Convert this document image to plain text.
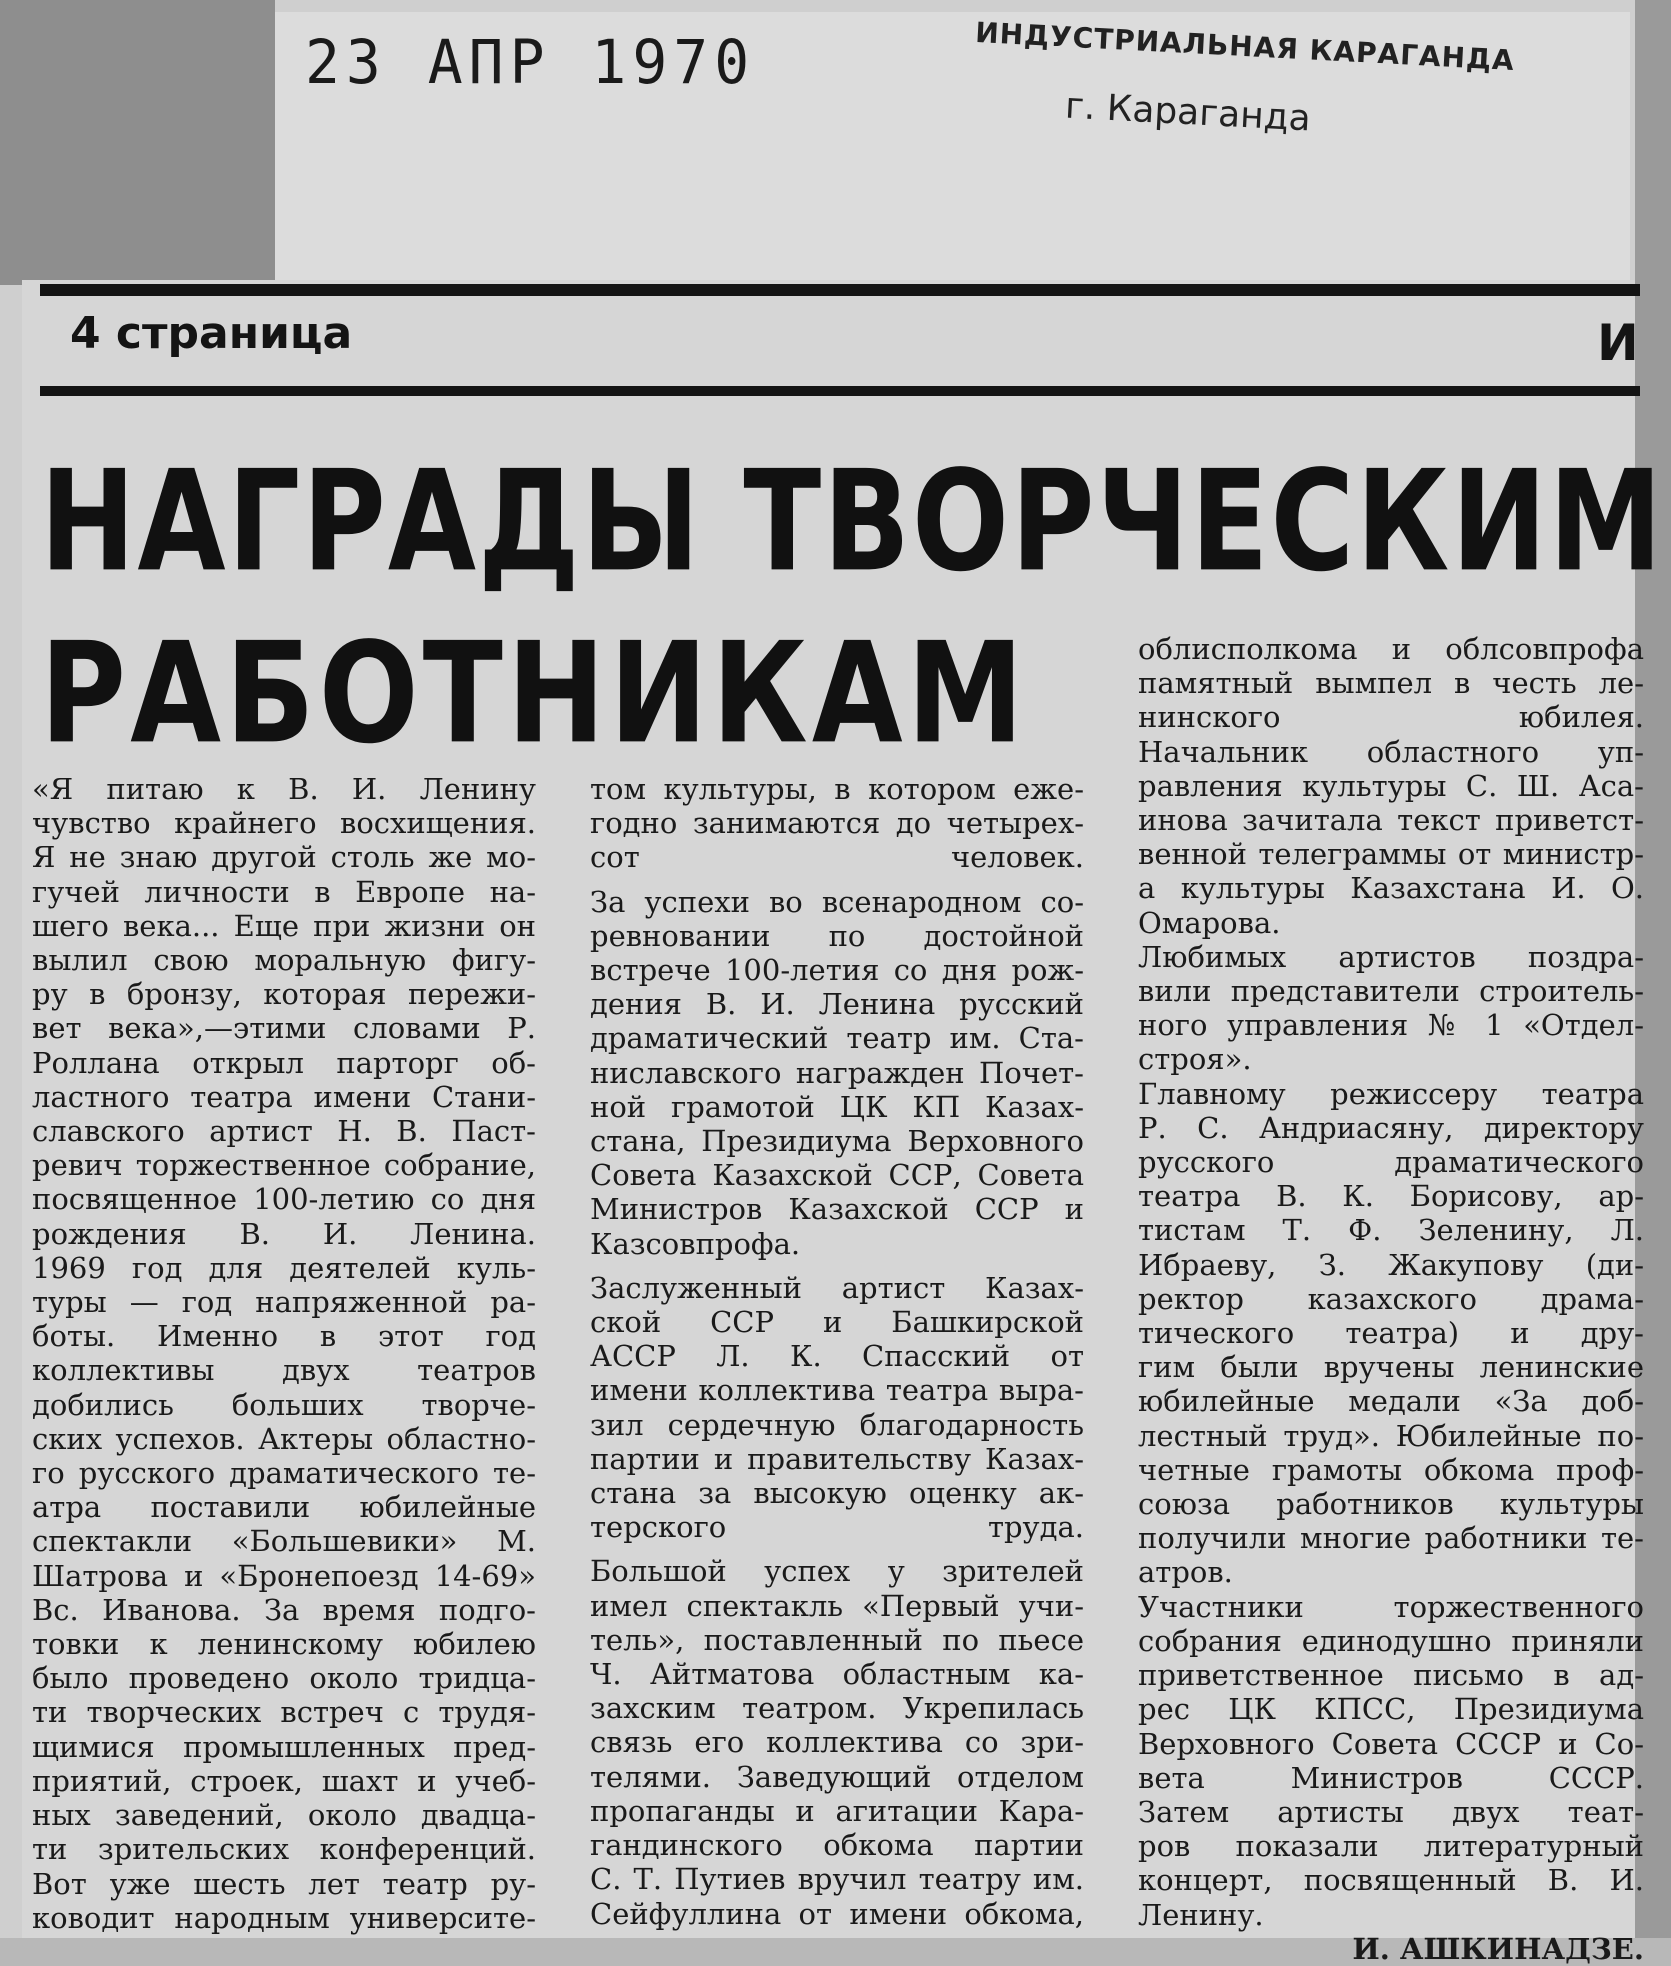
23 АПР 1970	ИНДУСТРИАЛЬНАЯ КАРАГАНДА
г. Караганда
4 страница	И
НАГРАДЫ ТВОРЧЕСКИМ
РАБОТНИКАМ

«Я питаю к В. И. Ленину
чувство крайнего восхищения.
Я не знаю другой столь же мо-
гучей личности в Европе на-
шего века... Еще при жизни он
вылил свою моральную фигу-
ру в бронзу, которая пережи-
вет века»,—этими словами Р.
Роллана открыл парторг об-
ластного театра имени Стани-
славского артист Н. В. Паст-
ревич торжественное собрание,
посвященное 100-летию со дня
рождения В. И. Ленина.

1969 год для деятелей куль-
туры — год напряженной ра-
боты. Именно в этот год
коллективы двух театров
добились больших творче-
ских успехов. Актеры областно-
го русского драматического те-
атра поставили юбилейные
спектакли «Большевики» М.
Шатрова и «Бронепоезд 14-69»
Вс. Иванова. За время подго-
товки к ленинскому юбилею
было проведено около тридца-
ти творческих встреч с трудя-
щимися промышленных пред-
приятий, строек, шахт и учеб-
ных заведений, около двадца-
ти зрительских конференций.
Вот уже шесть лет театр ру-
ководит народным университе-

том культуры, в котором еже-
годно занимаются до четырех-
сот человек.

За успехи во всенародном со-
ревновании по достойной
встрече 100-летия со дня рож-
дения В. И. Ленина русский
драматический театр им. Ста-
ниславского награжден Почет-
ной грамотой ЦК КП Казах-
стана, Президиума Верховного
Совета Казахской ССР, Совета
Министров Казахской ССР и
Казсовпрофа.

Заслуженный артист Казах-
ской ССР и Башкирской
АССР Л. К. Спасский от
имени коллектива театра выра-
зил сердечную благодарность
партии и правительству Казах-
стана за высокую оценку ак-
терского труда.

Большой успех у зрителей
имел спектакль «Первый учи-
тель», поставленный по пьесе
Ч. Айтматова областным ка-
захским театром. Укрепилась
связь его коллектива со зри-
телями. Заведующий отделом
пропаганды и агитации Кара-
гандинского обкома партии
С. Т. Путиев вручил театру им.
Сейфуллина от имени обкома,

облисполкома и облсовпрофа
памятный вымпел в честь ле-
нинского юбилея.

Начальник областного уп-
равления культуры С. Ш. Аса-
инова зачитала текст приветст-
венной телеграммы от министр-
а культуры Казахстана И. О.
Омарова.

Любимых артистов поздра-
вили представители строитель-
ного управления № 1 «Отдел-
строя».

Главному режиссеру театра
Р. С. Андриасяну, директору
русского драматического
театра В. К. Борисову, ар-
тистам Т. Ф. Зеленину, Л.
Ибраеву, З. Жакупову (ди-
ректор казахского драма-
тического театра) и дру-
гим были вручены ленинские
юбилейные медали «За доб-
лестный труд». Юбилейные по-
четные грамоты обкома проф-
союза работников культуры
получили многие работники те-
атров.

Участники торжественного
собрания единодушно приняли
приветственное письмо в ад-
рес ЦК КПСС, Президиума
Верховного Совета СССР и Со-
вета Министров СССР.

Затем артисты двух теат-
ров показали литературный
концерт, посвященный В. И.
Ленину.

И. АШКИНАДЗЕ.
